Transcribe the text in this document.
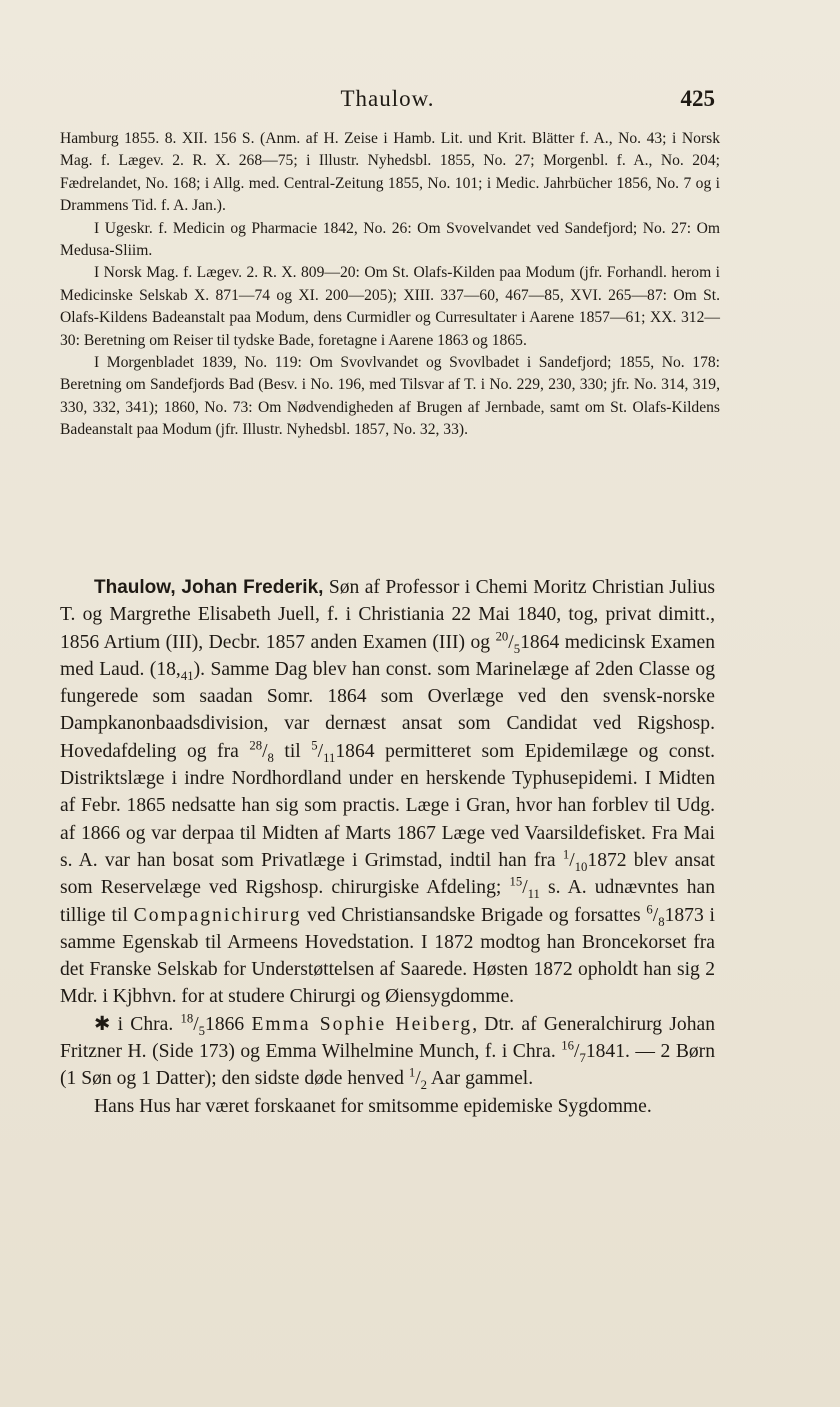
Thaulow.	425

Hamburg 1855. 8. XII. 156 S. (Anm. af H. Zeise i Hamb. Lit. und Krit. Blätter f. A., No. 43; i Norsk Mag. f. Lægev. 2. R. X. 268—75; i Illustr. Nyhedsbl. 1855, No. 27; Morgenbl. f. A., No. 204; Fædrelandet, No. 168; i Allg. med. Central-Zeitung 1855, No. 101; i Medic. Jahrbücher 1856, No. 7 og i Drammens Tid. f. A. Jan.).

I Ugeskr. f. Medicin og Pharmacie 1842, No. 26: Om Svovelvandet ved Sandefjord; No. 27: Om Medusa-Sliim.

I Norsk Mag. f. Lægev. 2. R. X. 809—20: Om St. Olafs-Kilden paa Modum (jfr. Forhandl. herom i Medicinske Selskab X. 871—74 og XI. 200—205); XIII. 337—60, 467—85, XVI. 265—87: Om St. Olafs-Kildens Badeanstalt paa Modum, dens Curmidler og Curresultater i Aarene 1857—61; XX. 312—30: Beretning om Reiser til tydske Bade, foretagne i Aarene 1863 og 1865.

I Morgenbladet 1839, No. 119: Om Svovlvandet og Svovlbadet i Sandefjord; 1855, No. 178: Beretning om Sandefjords Bad (Besv. i No. 196, med Tilsvar af T. i No. 229, 230, 330; jfr. No. 314, 319, 330, 332, 341); 1860, No. 73: Om Nødvendigheden af Brugen af Jernbade, samt om St. Olafs-Kildens Badeanstalt paa Modum (jfr. Illustr. Nyhedsbl. 1857, No. 32, 33).

Thaulow, Johan Frederik, Søn af Professor i Chemi Moritz Christian Julius T. og Margrethe Elisabeth Juell, f. i Christiania 22 Mai 1840, tog, privat dimitt., 1856 Artium (III), Decbr. 1857 anden Examen (III) og $^{20}/_51864$ medicinsk Examen med Laud. $(18,_{41})$. Samme Dag blev han const. som Marinelæge af 2den Classe og fungerede som saadan Somr. 1864 som Overlæge ved den svensk-norske Dampkanonbaadsdivision, var dernæst ansat som Candidat ved Rigshosp. Hovedafdeling og fra $^{28}/_8$ til $^5/_{11}1864$ permitteret som Epidemilæge og const. Distriktslæge i indre Nordhordland under en herskende Typhusepidemi. I Midten af Febr. 1865 nedsatte han sig som practis. Læge i Gran, hvor han forblev til Udg. af 1866 og var derpaa til Midten af Marts 1867 Læge ved Vaarsildefisket. Fra Mai s. A. var han bosat som Privatlæge i Grimstad, indtil han fra $^1/_{10}1872$ blev ansat som Reservelæge ved Rigshosp. chirurgiske Afdeling; $^{15}/_{11}$ s. A. udnævntes han tillige til Compagnichirurg ved Christiansandske Brigade og forsattes $^6/_81873$ i samme Egenskab til Armeens Hovedstation. I 1872 modtog han Broncekorset fra det Franske Selskab for Understøttelsen af Saarede. Høsten 1872 opholdt han sig 2 Mdr. i Kjbhvn. for at studere Chirurgi og Øiensygdomme.

✱ i Chra. $^{18}/_51866$ Emma Sophie Heiberg, Dtr. af Generalchirurg Johan Fritzner H. (Side 173) og Emma Wilhelmine Munch, f. i Chra. $^{16}/_71841$. — 2 Børn (1 Søn og 1 Datter); den sidste døde henved $^1/_2$ Aar gammel.

Hans Hus har været forskaanet for smitsomme epidemiske Sygdomme.
